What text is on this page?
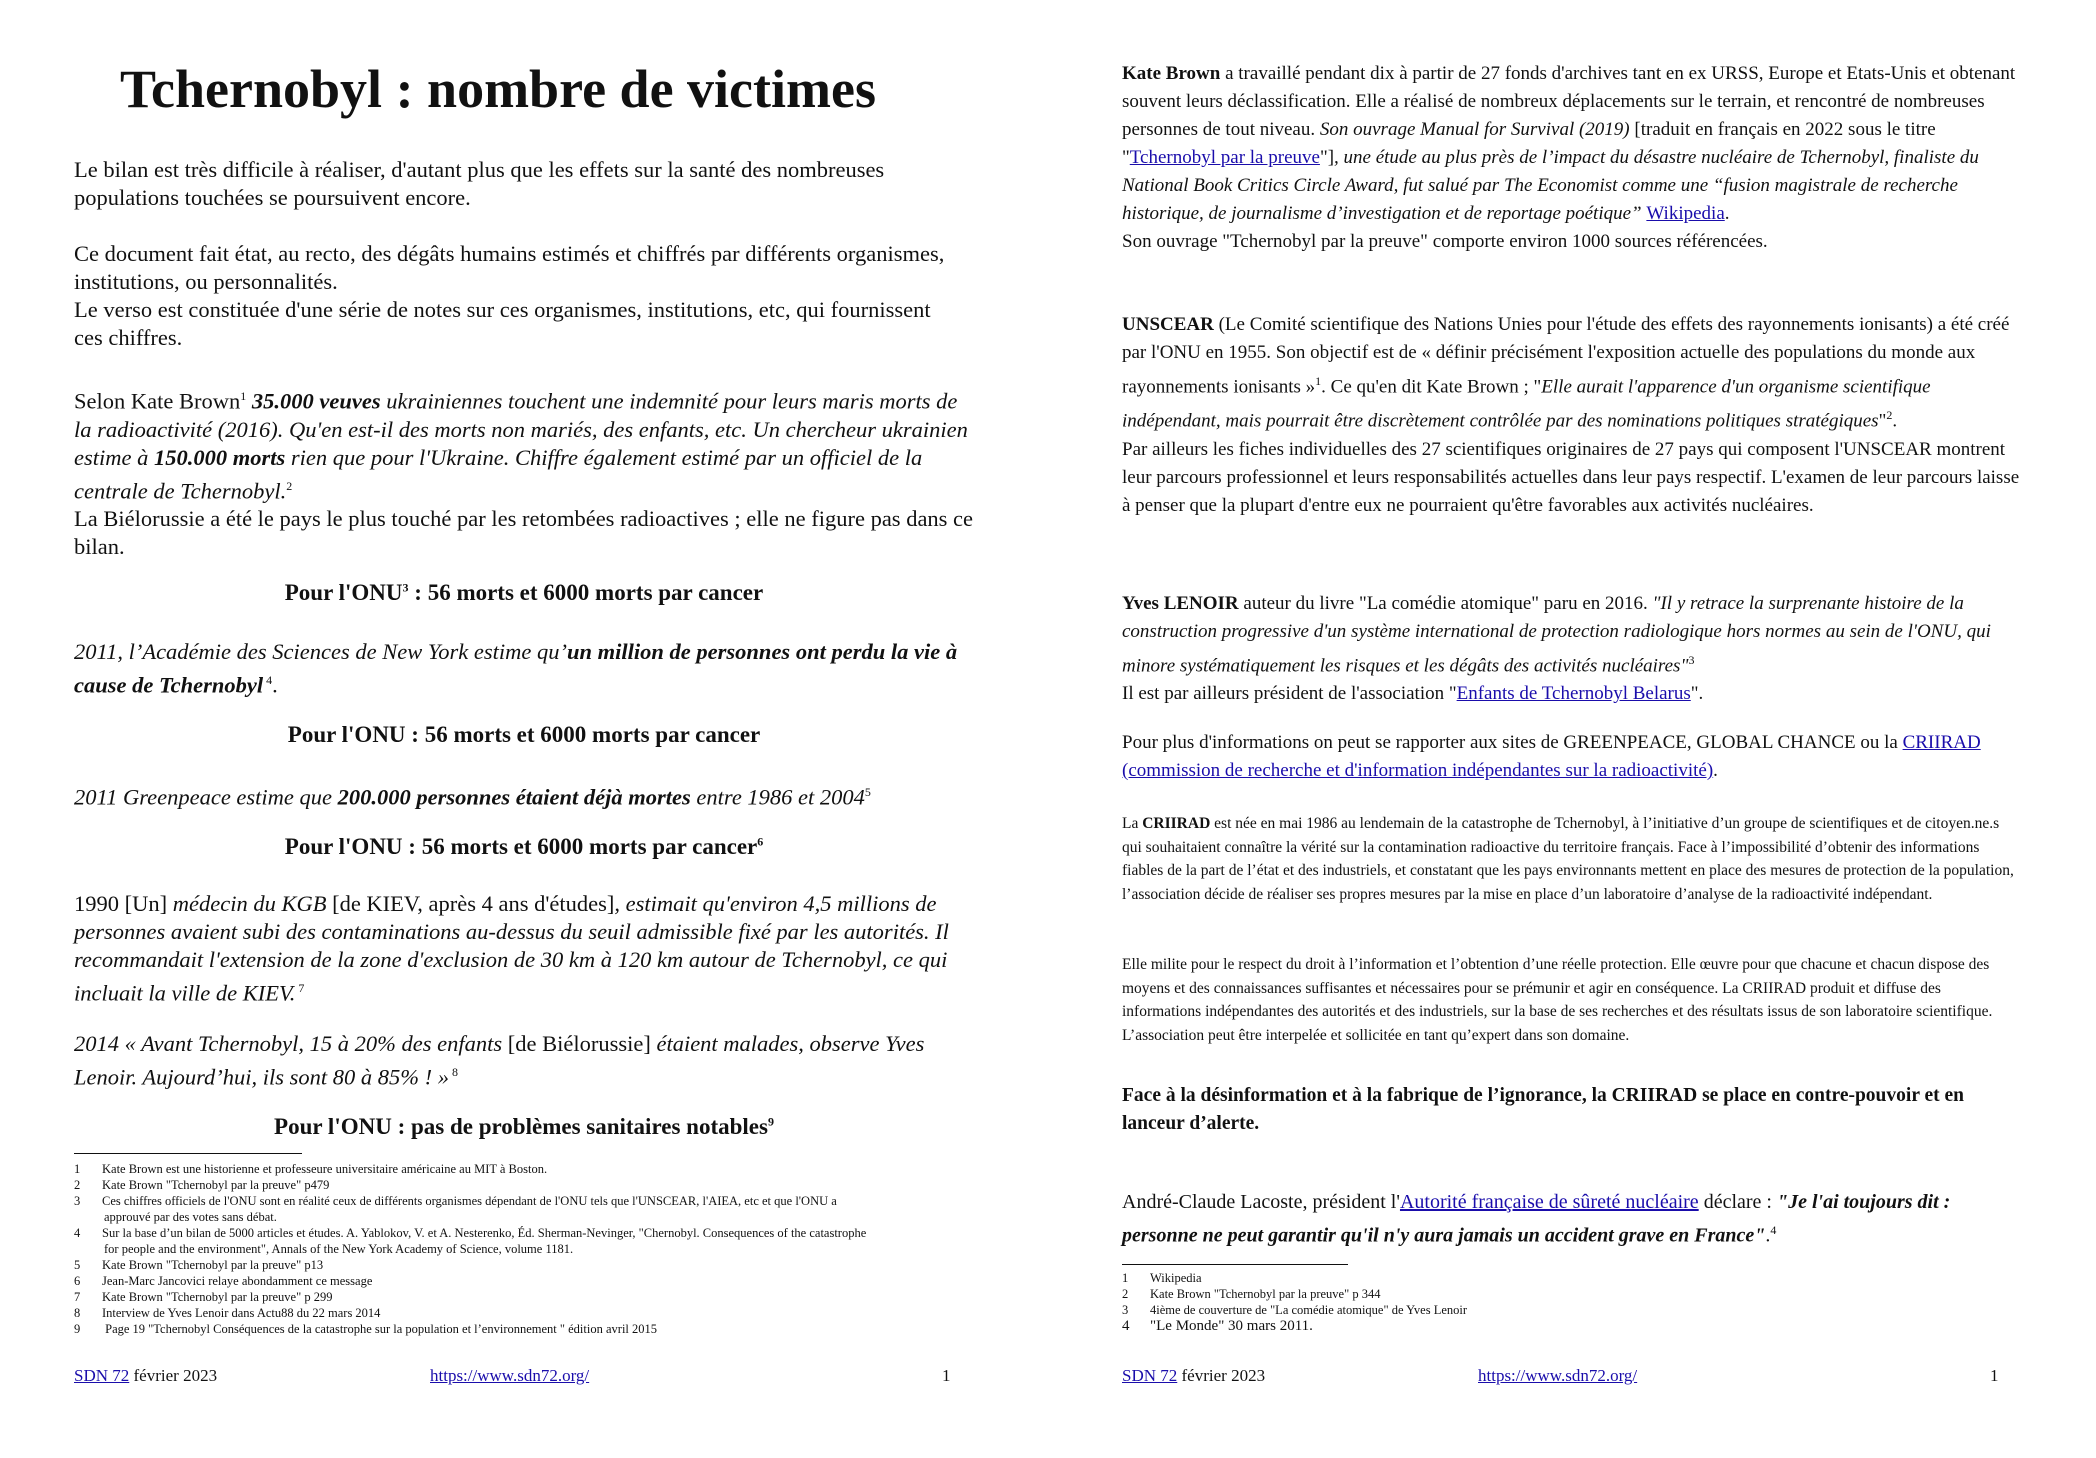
Tchernobyl : nombre de victimes

Le bilan est très difficile à réaliser, d'autant plus que les effets sur la santé des nombreuses populations touchées se poursuivent encore.

Ce document fait état, au recto, des dégâts humains estimés et chiffrés par différents organismes, institutions, ou personnalités.

Le verso est constituée d'une série de notes sur ces organismes, institutions, etc, qui fournissent ces chiffres.

Selon Kate Brown$^1$ 35.000 veuves ukrainiennes touchent une indemnité pour leurs maris morts de la radioactivité (2016). Qu'en est-il des morts non mariés, des enfants, etc. Un chercheur ukrainien estime à 150.000 morts rien que pour l'Ukraine. Chiffre également estimé par un officiel de la centrale de Tchernobyl.$^2$

La Biélorussie a été le pays le plus touché par les retombées radioactives ; elle ne figure pas dans ce bilan.

Pour l'ONU$^3$ : 56 morts et 6000 morts par cancer

2011, l’Académie des Sciences de New York estime qu’un million de personnes ont perdu la vie à cause de Tchernobyl $^4$.

Pour l'ONU : 56 morts et 6000 morts par cancer

2011 Greenpeace estime que 200.000 personnes étaient déjà mortes entre 1986 et 2004$^5$

Pour l'ONU : 56 morts et 6000 morts par cancer$^6$

1990 [Un] médecin du KGB [de KIEV, après 4 ans d'études], estimait qu'environ 4,5 millions de personnes avaient subi des contaminations au-dessus du seuil admissible fixé par les autorités. Il recommandait l'extension de la zone d'exclusion de 30 km à 120 km autour de Tchernobyl, ce qui incluait la ville de KIEV. $^7$

2014 « Avant Tchernobyl, 15 à 20% des enfants [de Biélorussie] étaient malades, observe Yves Lenoir. Aujourd’hui, ils sont 80 à 85% ! » $^8$

Pour l'ONU : pas de problèmes sanitaires notables$^9$

1 Kate Brown est une historienne et professeure universitaire américaine au MIT à Boston.
2 Kate Brown "Tchernobyl par la preuve" p479
3 Ces chiffres officiels de l'ONU sont en réalité ceux de différents organismes dépendant de l'ONU tels que l'UNSCEAR, l'AIEA, etc et que l'ONU a
approuvé par des votes sans débat.
4 Sur la base d’un bilan de 5000 articles et études. A. Yablokov, V. et A. Nesterenko, Éd. Sherman-Nevinger, "Chernobyl. Consequences of the catastrophe
for people and the environment", Annals of the New York Academy of Science, volume 1181.
5 Kate Brown "Tchernobyl par la preuve" p13
6 Jean-Marc Jancovici relaye abondamment ce message
7 Kate Brown "Tchernobyl par la preuve" p 299
8 Interview de Yves Lenoir dans Actu88 du 22 mars 2014
9 Page 19 "Tchernobyl Conséquences de la catastrophe sur la population et l’environnement " édition avril 2015
SDN 72 février 2023	https://www.sdn72.org/	1

Kate Brown a travaillé pendant dix à partir de 27 fonds d'archives tant en ex URSS, Europe et Etats-Unis et obtenant souvent leurs déclassification. Elle a réalisé de nombreux déplacements sur le terrain, et rencontré de nombreuses personnes de tout niveau. Son ouvrage Manual for Survival (2019) [traduit en français en 2022 sous le titre "Tchernobyl par la preuve"], une étude au plus près de l’impact du désastre nucléaire de Tchernobyl, finaliste du National Book Critics Circle Award, fut salué par The Economist comme une “fusion magistrale de recherche historique, de journalisme d’investigation et de reportage poétique” Wikipedia.

Son ouvrage "Tchernobyl par la preuve" comporte environ 1000 sources référencées.

UNSCEAR (Le Comité scientifique des Nations Unies pour l'étude des effets des rayonnements ionisants) a été créé par l'ONU en 1955. Son objectif est de « définir précisément l'exposition actuelle des populations du monde aux rayonnements ionisants »$^1$. Ce qu'en dit Kate Brown ; "Elle aurait l'apparence d'un organisme scientifique indépendant, mais pourrait être discrètement contrôlée par des nominations politiques stratégiques"$^2$.

Par ailleurs les fiches individuelles des 27 scientifiques originaires de 27 pays qui composent l'UNSCEAR montrent leur parcours professionnel et leurs responsabilités actuelles dans leur pays respectif. L'examen de leur parcours laisse à penser que la plupart d'entre eux ne pourraient qu'être favorables aux activités nucléaires.

Yves LENOIR auteur du livre "La comédie atomique" paru en 2016. "Il y retrace la surprenante histoire de la construction progressive d'un système international de protection radiologique hors normes au sein de l'ONU, qui minore systématiquement les risques et les dégâts des activités nucléaires"$^3$

Il est par ailleurs président de l'association "Enfants de Tchernobyl Belarus".

Pour plus d'informations on peut se rapporter aux sites de GREENPEACE, GLOBAL CHANCE ou la CRIIRAD (commission de recherche et d'information indépendantes sur la radioactivité).

La CRIIRAD est née en mai 1986 au lendemain de la catastrophe de Tchernobyl, à l’initiative d’un groupe de scientifiques et de citoyen.ne.s qui souhaitaient connaître la vérité sur la contamination radioactive du territoire français. Face à l’impossibilité d’obtenir des informations fiables de la part de l’état et des industriels, et constatant que les pays environnants mettent en place des mesures de protection de la population, l’association décide de réaliser ses propres mesures par la mise en place d’un laboratoire d’analyse de la radioactivité indépendant.

Elle milite pour le respect du droit à l’information et l’obtention d’une réelle protection. Elle œuvre pour que chacune et chacun dispose des moyens et des connaissances suffisantes et nécessaires pour se prémunir et agir en conséquence. La CRIIRAD produit et diffuse des informations indépendantes des autorités et des industriels, sur la base de ses recherches et des résultats issus de son laboratoire scientifique. L’association peut être interpelée et sollicitée en tant qu’expert dans son domaine.

Face à la désinformation et à la fabrique de l’ignorance, la CRIIRAD se place en contre-pouvoir et en lanceur d’alerte.

André-Claude Lacoste, président l'Autorité française de sûreté nucléaire déclare : "Je l'ai toujours dit : personne ne peut garantir qu'il n'y aura jamais un accident grave en France".$^4$

1 Wikipedia
2 Kate Brown "Tchernobyl par la preuve" p 344
3 4ième de couverture de "La comédie atomique" de Yves Lenoir
4 "Le Monde" 30 mars 2011.
SDN 72 février 2023	https://www.sdn72.org/	1
